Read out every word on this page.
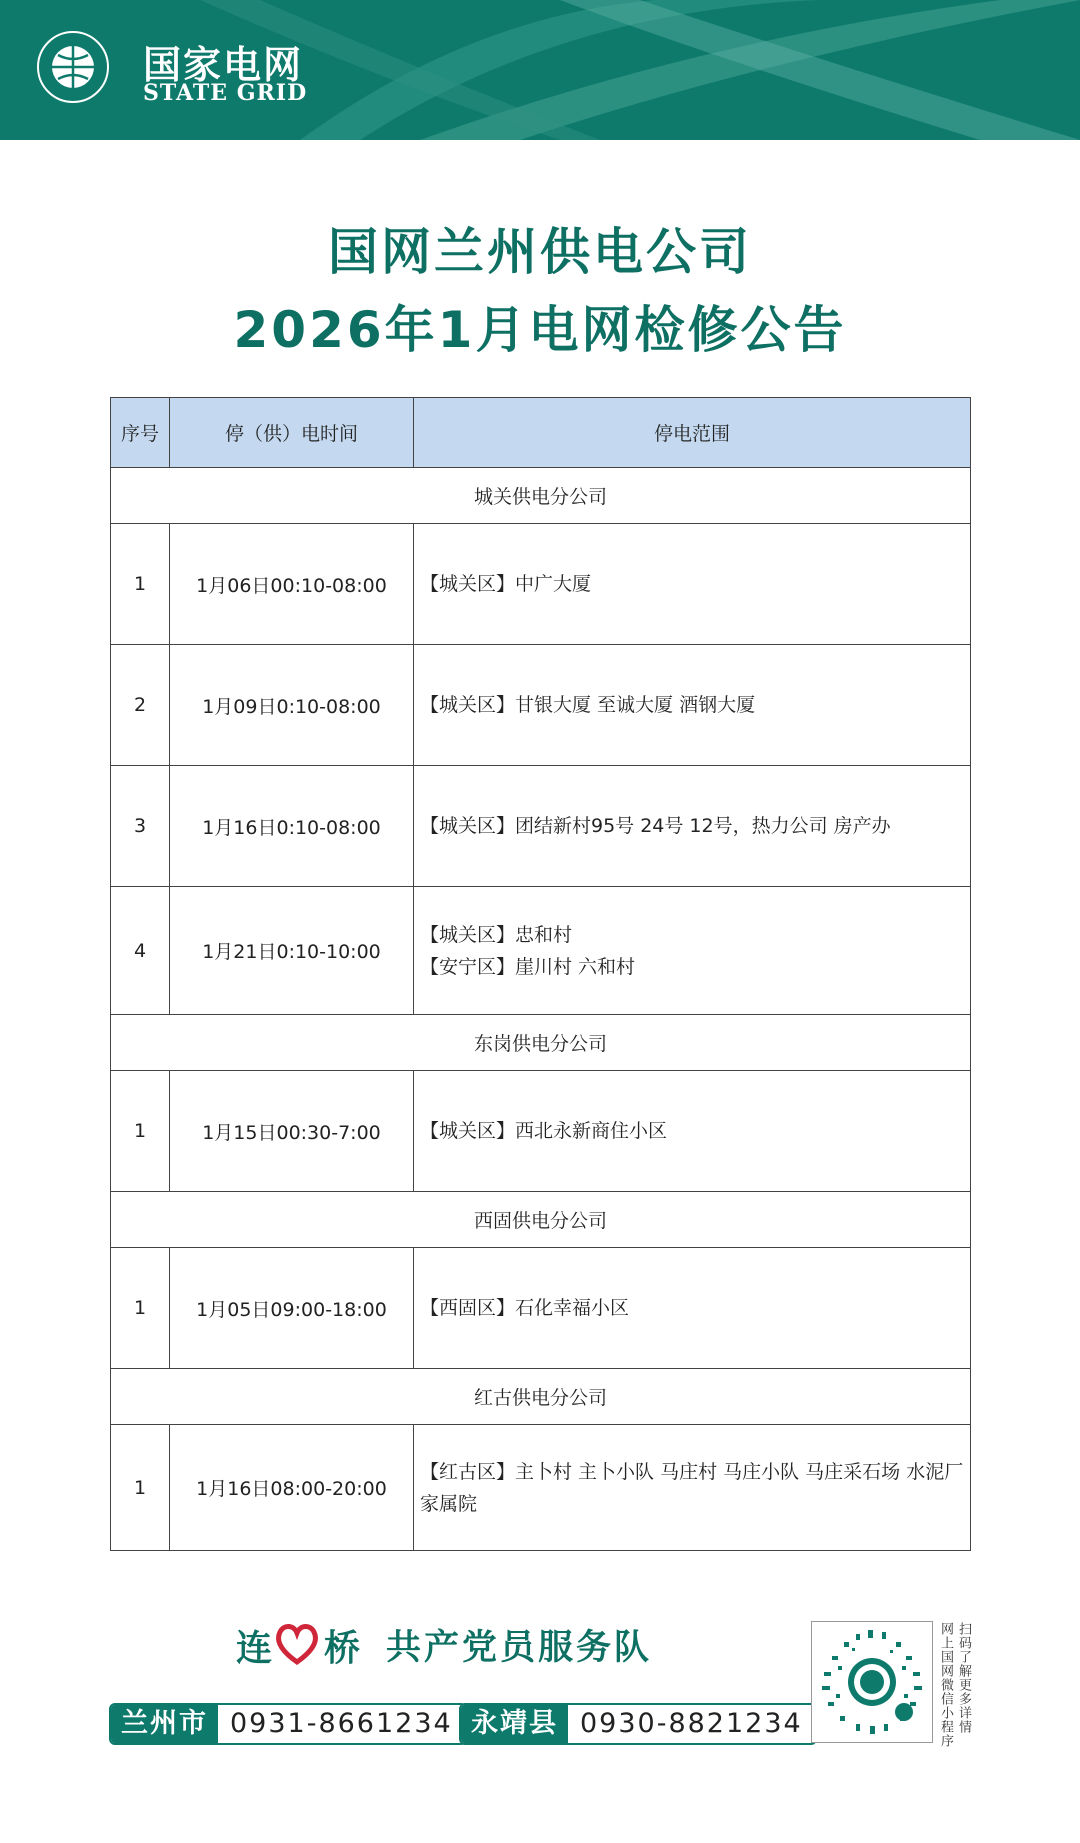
国家电网
STATE GRID
国网兰州供电公司
2026年1月电网检修公告
序号	停（供）电时间	停电范围
城关供电分公司		
1	1月06日00:10-08:00	【城关区】中广大厦

2	1月09日0:10-08:00	【城关区】甘银大厦 至诚大厦 酒钢大厦

3	1月16日0:10-08:00	【城关区】团结新村95号 24号 12号，热力公司 房产办

4	1月21日0:10-10:00	【城关区】忠和村
【安宁区】崖川村 六和村

东岗供电分公司		
1	1月15日00:30-7:00	【城关区】西北永新商住小区

西固供电分公司		
1	1月05日09:00-18:00	【西固区】石化幸福小区

红古供电分公司		
1	1月16日08:00-20:00	【红古区】主卜村 主卜小队 马庄村 马庄小队 马庄采石场 水泥厂家属院
连 桥 共产党员服务队
兰州市 0931-8661234 永靖县 0930-8821234	扫码了解更多详情
网上国网微信小程序
